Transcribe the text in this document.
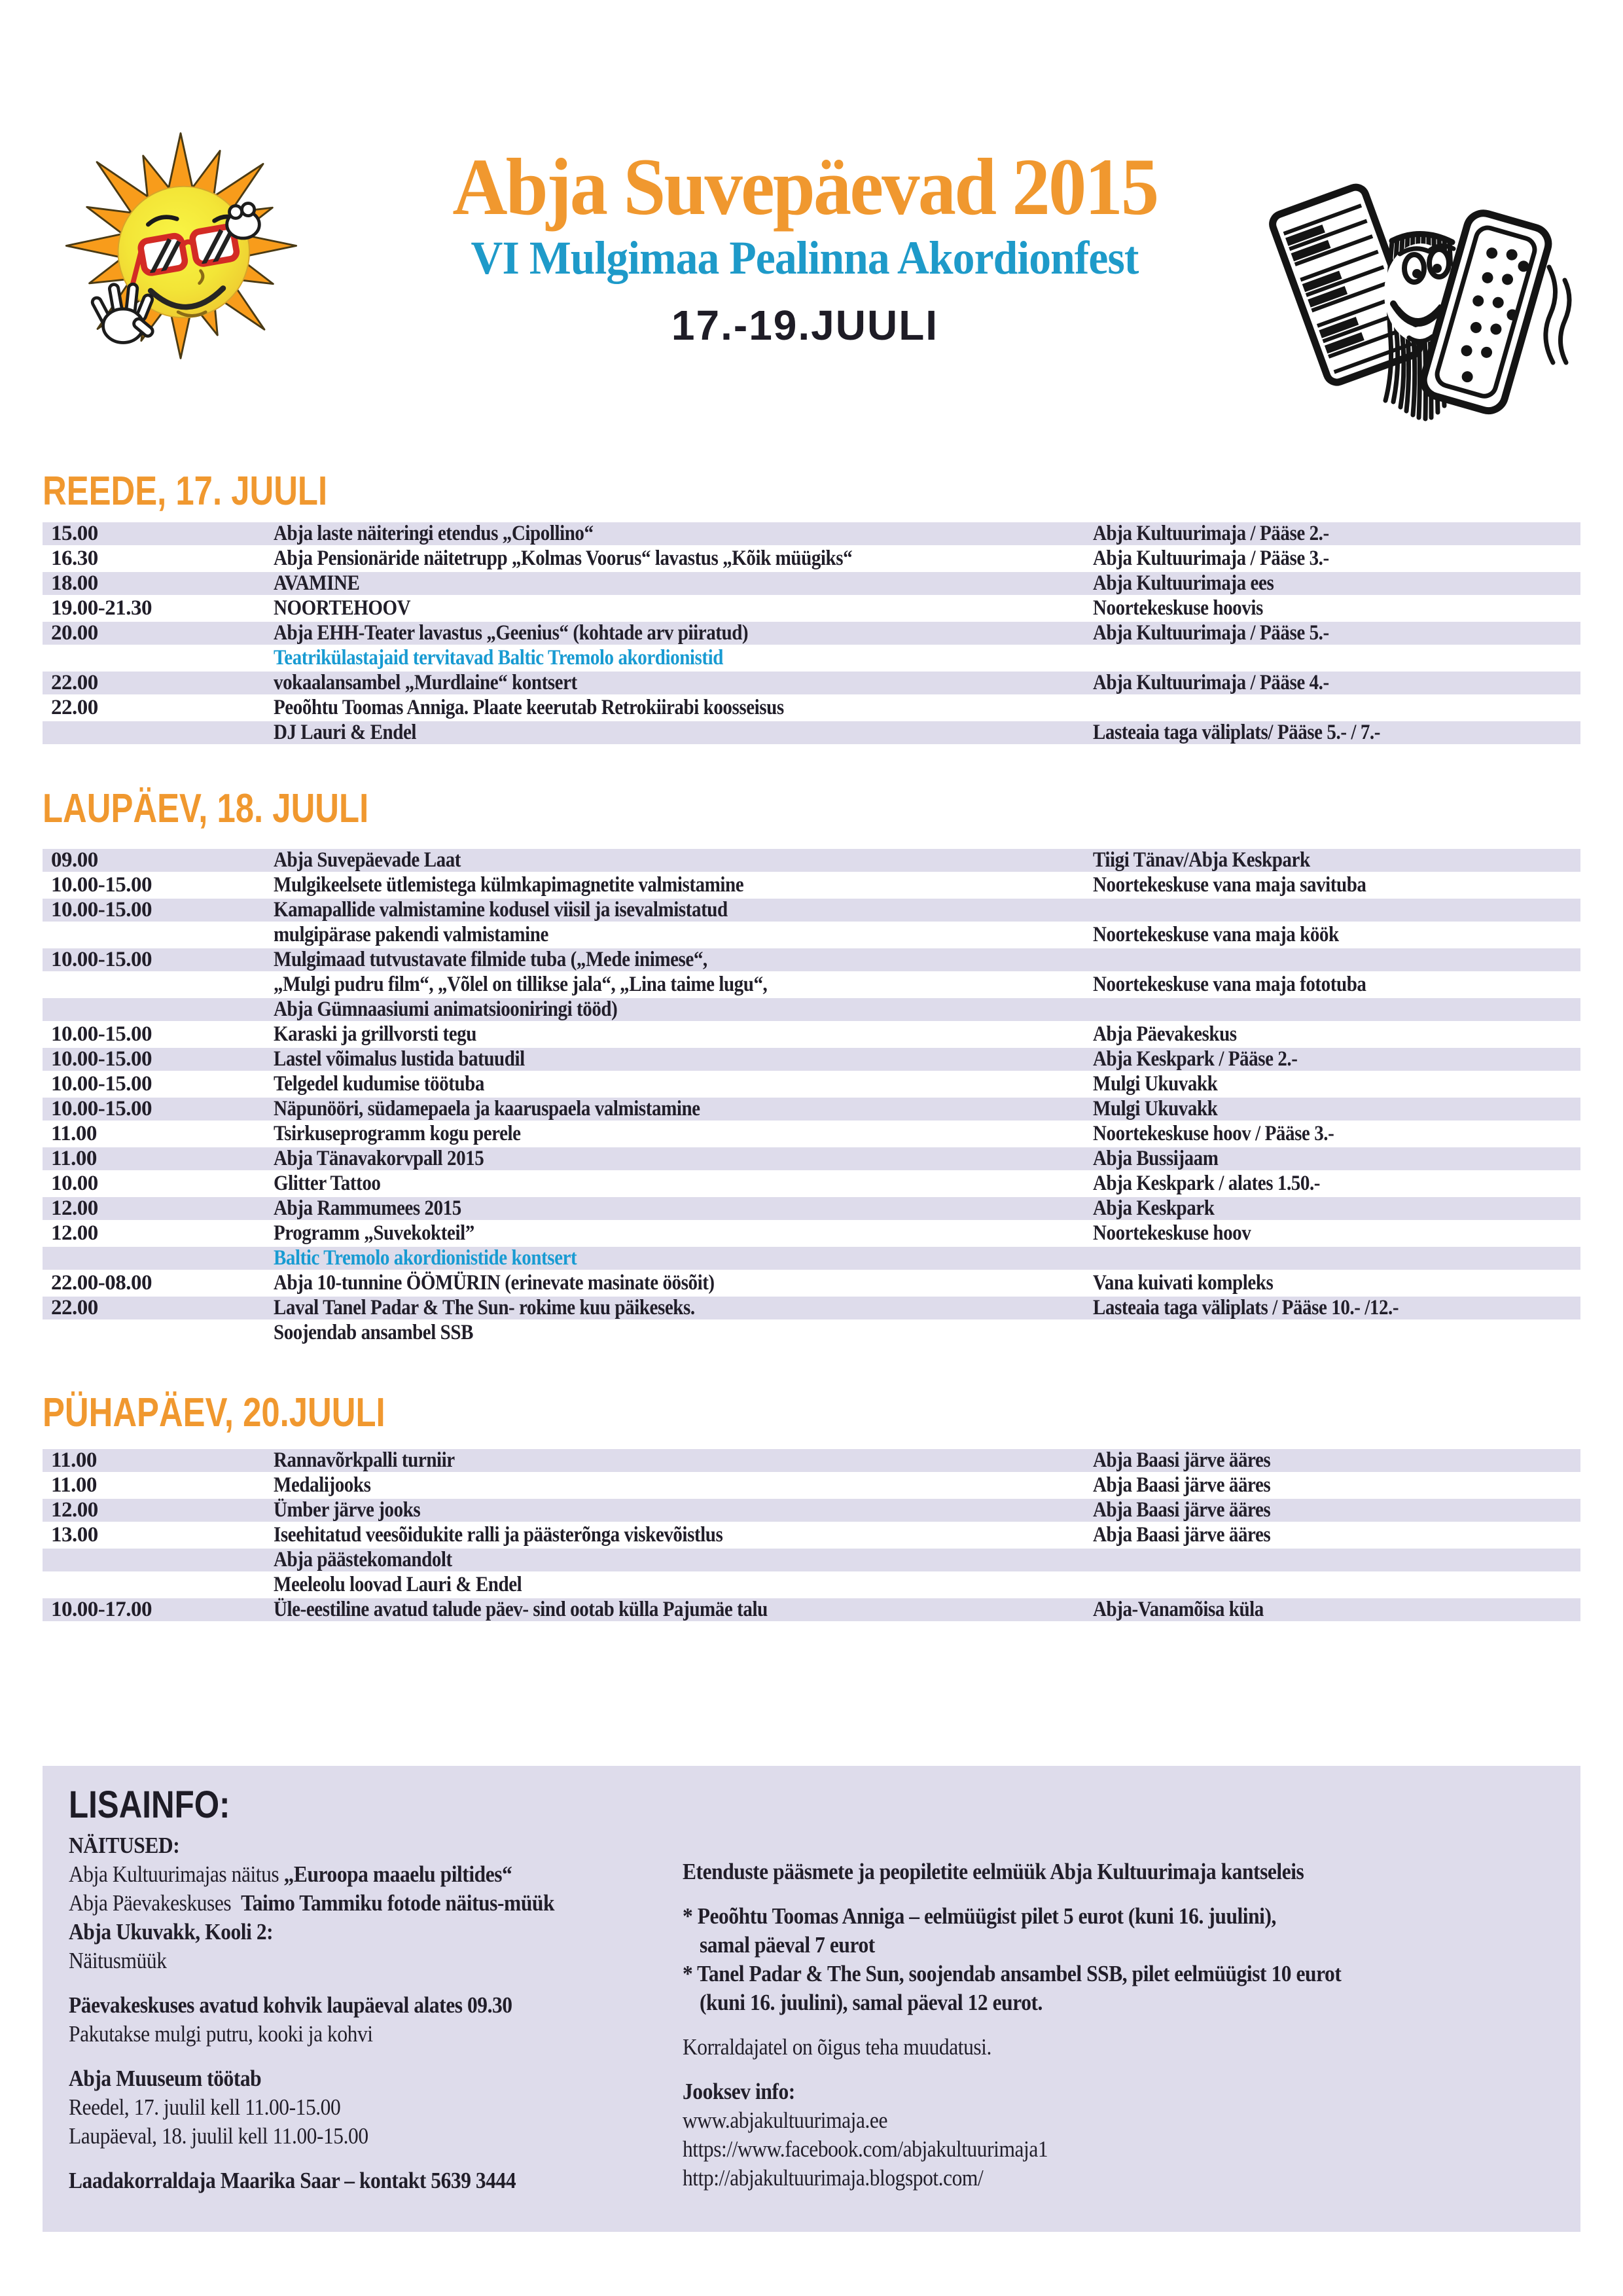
Abja Suvepäevad 2015
VI Mulgimaa Pealinna Akordionfest
17.-19.JUULI
REEDE, 17. JUULI
15.00	Abja laste näiteringi etendus „Cipollino“	Abja Kultuurimaja / Pääse 2.-
16.30	Abja Pensionäride näitetrupp „Kolmas Voorus“ lavastus „Kõik müügiks“	Abja Kultuurimaja / Pääse 3.-
18.00	AVAMINE	Abja Kultuurimaja ees
19.00-21.30	NOORTEHOOV	Noortekeskuse hoovis
20.00	Abja EHH-Teater lavastus „Geenius“ (kohtade arv piiratud)	Abja Kultuurimaja / Pääse 5.-
Teatrikülastajaid tervitavad Baltic Tremolo akordionistid
22.00	vokaalansambel „Murdlaine“ kontsert	Abja Kultuurimaja / Pääse 4.-
22.00	Peoõhtu Toomas Anniga. Plaate keerutab Retrokiirabi koosseisus
DJ Lauri & Endel	Lasteaia taga väliplats/ Pääse 5.- / 7.-
LAUPÄEV, 18. JUULI
09.00	Abja Suvepäevade Laat	Tiigi Tänav/Abja Keskpark
10.00-15.00	Mulgikeelsete ütlemistega külmkapimagnetite valmistamine	Noortekeskuse vana maja savituba
10.00-15.00	Kamapallide valmistamine kodusel viisil ja isevalmistatud
mulgipärase pakendi valmistamine	Noortekeskuse vana maja köök
10.00-15.00	Mulgimaad tutvustavate filmide tuba („Mede inimese“,
„Mulgi pudru film“, „Võlel on tillikse jala“, „Lina taime lugu“,	Noortekeskuse vana maja fototuba
Abja Gümnaasiumi animatsiooniringi tööd)
10.00-15.00	Karaski ja grillvorsti tegu	Abja Päevakeskus
10.00-15.00	Lastel võimalus lustida batuudil	Abja Keskpark / Pääse 2.-
10.00-15.00	Telgedel kudumise töötuba	Mulgi Ukuvakk
10.00-15.00	Näpunööri, südamepaela ja kaaruspaela valmistamine	Mulgi Ukuvakk
11.00	Tsirkuseprogramm kogu perele	Noortekeskuse hoov / Pääse 3.-
11.00	Abja Tänavakorvpall 2015	Abja Bussijaam
10.00	Glitter Tattoo	Abja Keskpark / alates 1.50.-
12.00	Abja Rammumees 2015	Abja Keskpark
12.00	Programm „Suvekokteil”	Noortekeskuse hoov
Baltic Tremolo akordionistide kontsert
22.00-08.00	Abja 10-tunnine ÖÖMÜRIN (erinevate masinate öösõit)	Vana kuivati kompleks
22.00	Laval Tanel Padar & The Sun- rokime kuu päikeseks.	Lasteaia taga väliplats / Pääse 10.- /12.-
Soojendab ansambel SSB
PÜHAPÄEV, 20.JUULI
11.00	Rannavõrkpalli turniir	Abja Baasi järve ääres
11.00	Medalijooks	Abja Baasi järve ääres
12.00	Ümber järve jooks	Abja Baasi järve ääres
13.00	Iseehitatud veesõidukite ralli ja päästerõnga viskevõistlus	Abja Baasi järve ääres
Abja päästekomandolt
Meeleolu loovad Lauri & Endel
10.00-17.00	Üle-eestiline avatud talude päev- sind ootab külla Pajumäe talu	Abja-Vanamõisa küla
LISAINFO:
NÄITUSED:
Abja Kultuurimajas näitus „Euroopa maaelu piltides“
Abja Päevakeskuses  Taimo Tammiku fotode näitus-müük
Abja Ukuvakk, Kooli 2:
Näitusmüük
Päevakeskuses avatud kohvik laupäeval alates 09.30
Pakutakse mulgi putru, kooki ja kohvi
Abja Muuseum töötab
Reedel, 17. juulil kell 11.00-15.00
Laupäeval, 18. juulil kell 11.00-15.00
Laadakorraldaja Maarika Saar – kontakt 5639 3444
Etenduste pääsmete ja peopiletite eelmüük Abja Kultuurimaja kantseleis
* Peoõhtu Toomas Anniga – eelmüügist pilet 5 eurot (kuni 16. juulini),
samal päeval 7 eurot
* Tanel Padar & The Sun, soojendab ansambel SSB, pilet eelmüügist 10 eurot
(kuni 16. juulini), samal päeval 12 eurot.
Korraldajatel on õigus teha muudatusi.
Jooksev info:
www.abjakultuurimaja.ee
https://www.facebook.com/abjakultuurimaja1
http://abjakultuurimaja.blogspot.com/
